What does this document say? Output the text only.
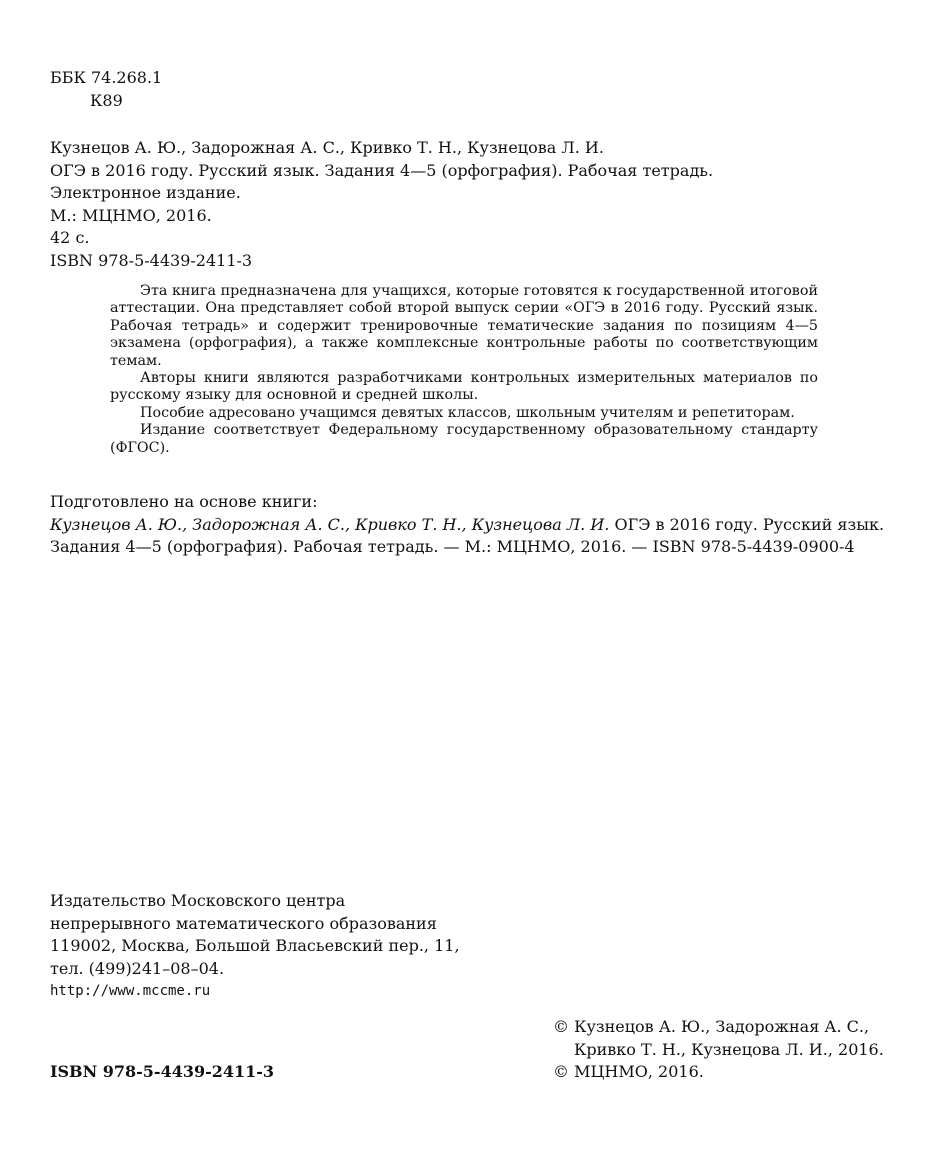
ББК 74.268.1
К89
Кузнецов А. Ю., Задорожная А. С., Кривко Т. Н., Кузнецова Л. И.
ОГЭ в 2016 году. Русский язык. Задания 4—5 (орфография). Рабочая тетрадь.
Электронное издание.
М.: МЦНМО, 2016.
42 с.
ISBN 978-5-4439-2411-3

Эта книга предназначена для учащихся, которые готовятся к государственной итоговой аттестации. Она представляет собой второй выпуск серии «ОГЭ в 2016 году. Русский язык. Рабочая тетрадь» и содержит тренировочные тематические задания по позициям 4—5 экзамена (орфография), а также комплексные контрольные работы по соответствующим темам.

Авторы книги являются разработчиками контрольных измерительных материалов по русскому языку для основной и средней школы.

Пособие адресовано учащимся девятых классов, школьным учителям и репетиторам.

Издание соответствует Федеральному государственному образовательному стандарту (ФГОС).

Подготовлено на основе книги:
Кузнецов А. Ю., Задорожная А. С., Кривко Т. Н., Кузнецова Л. И. ОГЭ в 2016 году. Русский язык.
Задания 4—5 (орфография). Рабочая тетрадь. — М.: МЦНМО, 2016. — ISBN 978-5-4439-0900-4
Издательство Московского центра
непрерывного математического образования
119002, Москва, Большой Власьевский пер., 11,
тел. (499)241–08–04.
http://www.mccme.ru
© Кузнецов А. Ю., Задорожная А. С.,
Кривко Т. Н., Кузнецова Л. И., 2016.
© МЦНМО, 2016.
ISBN 978-5-4439-2411-3
